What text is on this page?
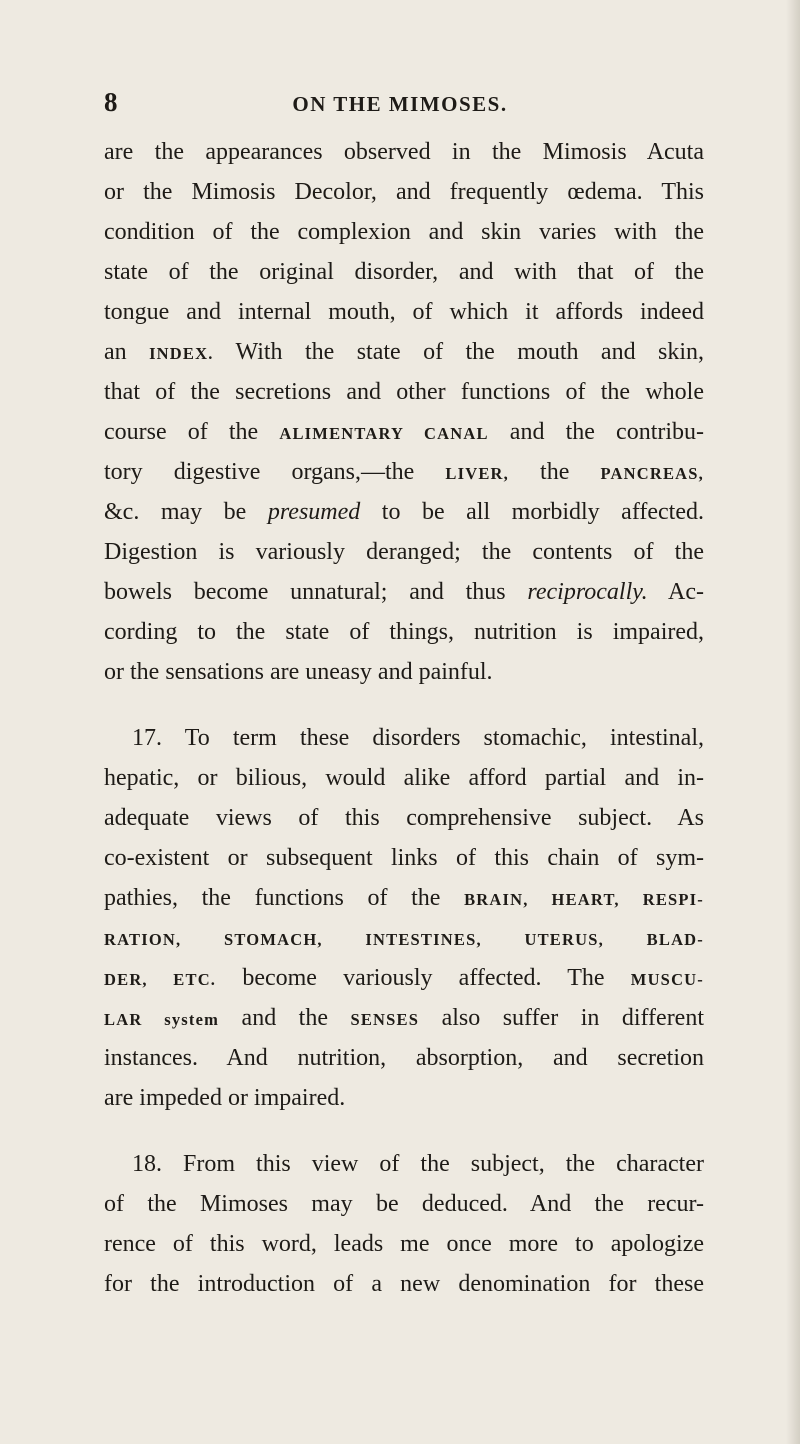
8	ON THE MIMOSES.
are the appearances observed in the Mimosis Acuta
or the Mimosis Decolor, and frequently œdema. This
condition of the complexion and skin varies with the
state of the original disorder, and with that of the
tongue and internal mouth, of which it affords indeed
an INDEX. With the state of the mouth and skin,
that of the secretions and other functions of the whole
course of the ALIMENTARY CANAL and the contribu-
tory digestive organs,—the LIVER, the PANCREAS,
&c. may be presumed to be all morbidly affected.
Digestion is variously deranged; the contents of the
bowels become unnatural; and thus reciprocally. Ac-
cording to the state of things, nutrition is impaired,
or the sensations are uneasy and painful.
17. To term these disorders stomachic, intestinal,
hepatic, or bilious, would alike afford partial and in-
adequate views of this comprehensive subject. As
co-existent or subsequent links of this chain of sym-
pathies, the functions of the BRAIN, HEART, RESPI-
RATION, STOMACH, INTESTINES, UTERUS, BLAD-
DER, ETC. become variously affected. The MUSCU-
LAR system and the SENSES also suffer in different
instances. And nutrition, absorption, and secretion
are impeded or impaired.
18. From this view of the subject, the character
of the Mimoses may be deduced. And the recur-
rence of this word, leads me once more to apologize
for the introduction of a new denomination for these
